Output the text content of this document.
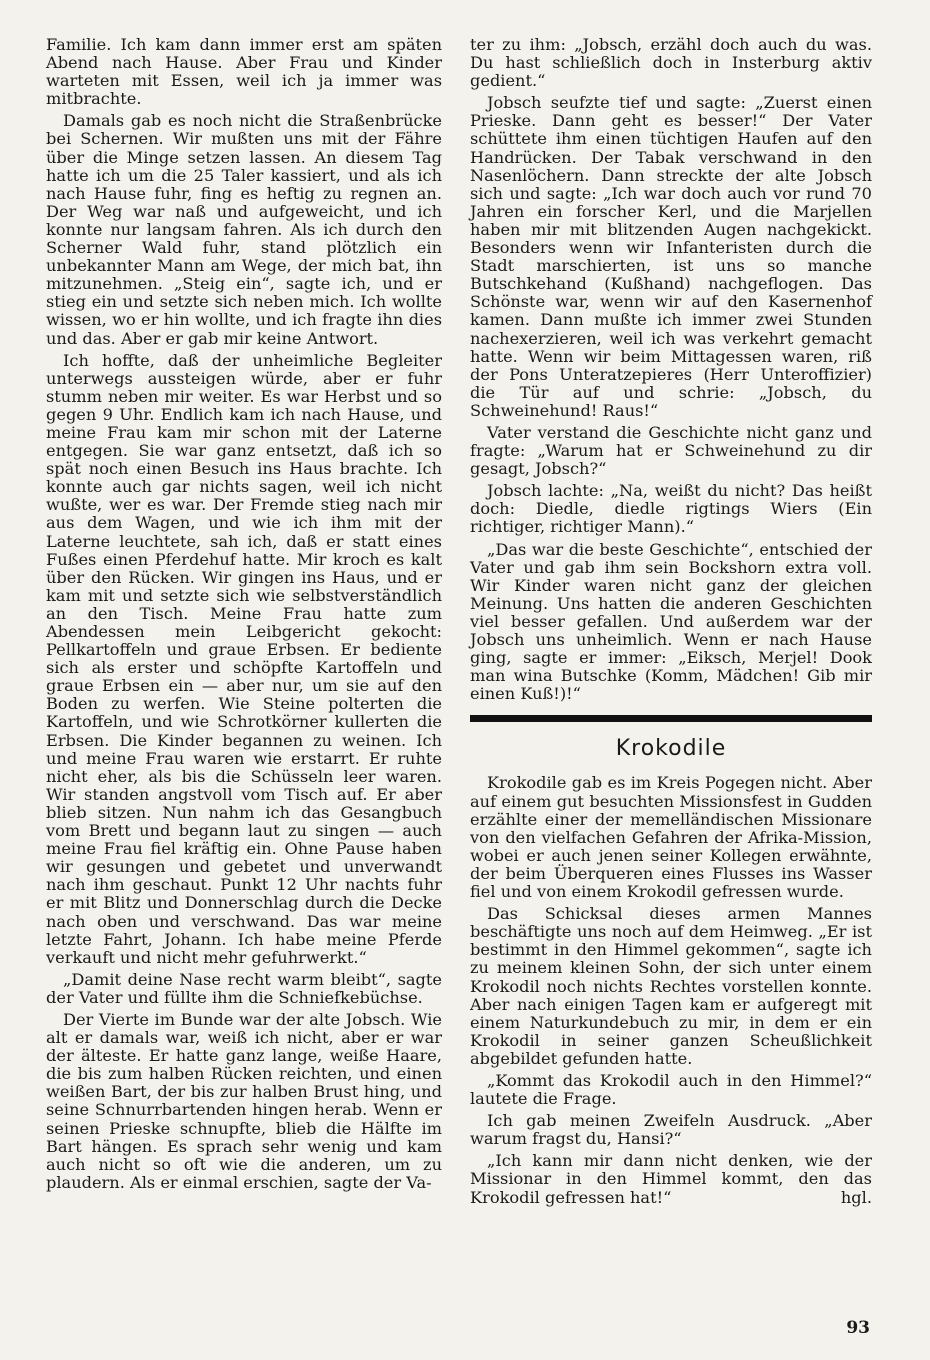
Familie. Ich kam dann immer erst am späten Abend nach Hause. Aber Frau und Kinder warteten mit Essen, weil ich ja immer was mitbrachte.

Damals gab es noch nicht die Straßenbrücke bei Schernen. Wir mußten uns mit der Fähre über die Minge setzen lassen. An diesem Tag hatte ich um die 25 Taler kassiert, und als ich nach Hause fuhr, fing es heftig zu regnen an. Der Weg war naß und aufgeweicht, und ich konnte nur langsam fahren. Als ich durch den Scherner Wald fuhr, stand plötzlich ein unbekannter Mann am Wege, der mich bat, ihn mitzunehmen. „Steig ein“, sagte ich, und er stieg ein und setzte sich neben mich. Ich wollte wissen, wo er hin wollte, und ich fragte ihn dies und das. Aber er gab mir keine Antwort.

Ich hoffte, daß der unheimliche Begleiter unterwegs aussteigen würde, aber er fuhr stumm neben mir weiter. Es war Herbst und so gegen 9 Uhr. Endlich kam ich nach Hause, und meine Frau kam mir schon mit der Laterne entgegen. Sie war ganz entsetzt, daß ich so spät noch einen Besuch ins Haus brachte. Ich konnte auch gar nichts sagen, weil ich nicht wußte, wer es war. Der Fremde stieg nach mir aus dem Wagen, und wie ich ihm mit der Laterne leuchtete, sah ich, daß er statt eines Fußes einen Pferdehuf hatte. Mir kroch es kalt über den Rücken. Wir gingen ins Haus, und er kam mit und setzte sich wie selbstverständlich an den Tisch. Meine Frau hatte zum Abendessen mein Leibgericht gekocht: Pellkartoffeln und graue Erbsen. Er bediente sich als erster und schöpfte Kartoffeln und graue Erbsen ein — aber nur, um sie auf den Boden zu werfen. Wie Steine polterten die Kartoffeln, und wie Schrotkörner kullerten die Erbsen. Die Kinder begannen zu weinen. Ich und meine Frau waren wie erstarrt. Er ruhte nicht eher, als bis die Schüsseln leer waren. Wir standen angstvoll vom Tisch auf. Er aber blieb sitzen. Nun nahm ich das Gesangbuch vom Brett und begann laut zu singen — auch meine Frau fiel kräftig ein. Ohne Pause haben wir gesungen und gebetet und unverwandt nach ihm geschaut. Punkt 12 Uhr nachts fuhr er mit Blitz und Donnerschlag durch die Decke nach oben und verschwand. Das war meine letzte Fahrt, Johann. Ich habe meine Pferde verkauft und nicht mehr gefuhrwerkt.“

„Damit deine Nase recht warm bleibt“, sagte der Vater und füllte ihm die Schniefkebüchse.

Der Vierte im Bunde war der alte Jobsch. Wie alt er damals war, weiß ich nicht, aber er war der älteste. Er hatte ganz lange, weiße Haare, die bis zum halben Rücken reichten, und einen weißen Bart, der bis zur halben Brust hing, und seine Schnurrbartenden hingen herab. Wenn er seinen Prieske schnupfte, blieb die Hälfte im Bart hängen. Es sprach sehr wenig und kam auch nicht so oft wie die anderen, um zu plaudern. Als er einmal erschien, sagte der Va-

ter zu ihm: „Jobsch, erzähl doch auch du was. Du hast schließlich doch in Insterburg aktiv gedient.“

Jobsch seufzte tief und sagte: „Zuerst einen Prieske. Dann geht es besser!“ Der Vater schüttete ihm einen tüchtigen Haufen auf den Handrücken. Der Tabak verschwand in den Nasenlöchern. Dann streckte der alte Jobsch sich und sagte: „Ich war doch auch vor rund 70 Jahren ein forscher Kerl, und die Marjellen haben mir mit blitzenden Augen nachgekickt. Besonders wenn wir Infanteristen durch die Stadt marschierten, ist uns so manche Butschkehand (Kußhand) nachgeflogen. Das Schönste war, wenn wir auf den Kasernenhof kamen. Dann mußte ich immer zwei Stunden nachexerzieren, weil ich was verkehrt gemacht hatte. Wenn wir beim Mittagessen waren, riß der Pons Unteratzepieres (Herr Unteroffizier) die Tür auf und schrie: „Jobsch, du Schweinehund! Raus!“

Vater verstand die Geschichte nicht ganz und fragte: „Warum hat er Schweinehund zu dir gesagt, Jobsch?“

Jobsch lachte: „Na, weißt du nicht? Das heißt doch: Diedle, diedle rigtings Wiers (Ein richtiger, richtiger Mann).“

„Das war die beste Geschichte“, entschied der Vater und gab ihm sein Bockshorn extra voll. Wir Kinder waren nicht ganz der gleichen Meinung. Uns hatten die anderen Geschichten viel besser gefallen. Und außerdem war der Jobsch uns unheimlich. Wenn er nach Hause ging, sagte er immer: „Eiksch, Merjel! Dook man wina Butschke (Komm, Mädchen! Gib mir einen Kuß!)!“

Krokodile

Krokodile gab es im Kreis Pogegen nicht. Aber auf einem gut besuchten Missionsfest in Gudden erzählte einer der memelländischen Missionare von den vielfachen Gefahren der Afrika-Mission, wobei er auch jenen seiner Kollegen erwähnte, der beim Überqueren eines Flusses ins Wasser fiel und von einem Krokodil gefressen wurde.

Das Schicksal dieses armen Mannes beschäftigte uns noch auf dem Heimweg. „Er ist bestimmt in den Himmel gekommen“, sagte ich zu meinem kleinen Sohn, der sich unter einem Krokodil noch nichts Rechtes vorstellen konnte. Aber nach einigen Tagen kam er aufgeregt mit einem Naturkundebuch zu mir, in dem er ein Krokodil in seiner ganzen Scheußlichkeit abgebildet gefunden hatte.

„Kommt das Krokodil auch in den Himmel?“ lautete die Frage.

Ich gab meinen Zweifeln Ausdruck. „Aber warum fragst du, Hansi?“

„Ich kann mir dann nicht denken, wie der Missionar in den Himmel kommt, den das Krokodil gefressen hat!“	hgl.

93
